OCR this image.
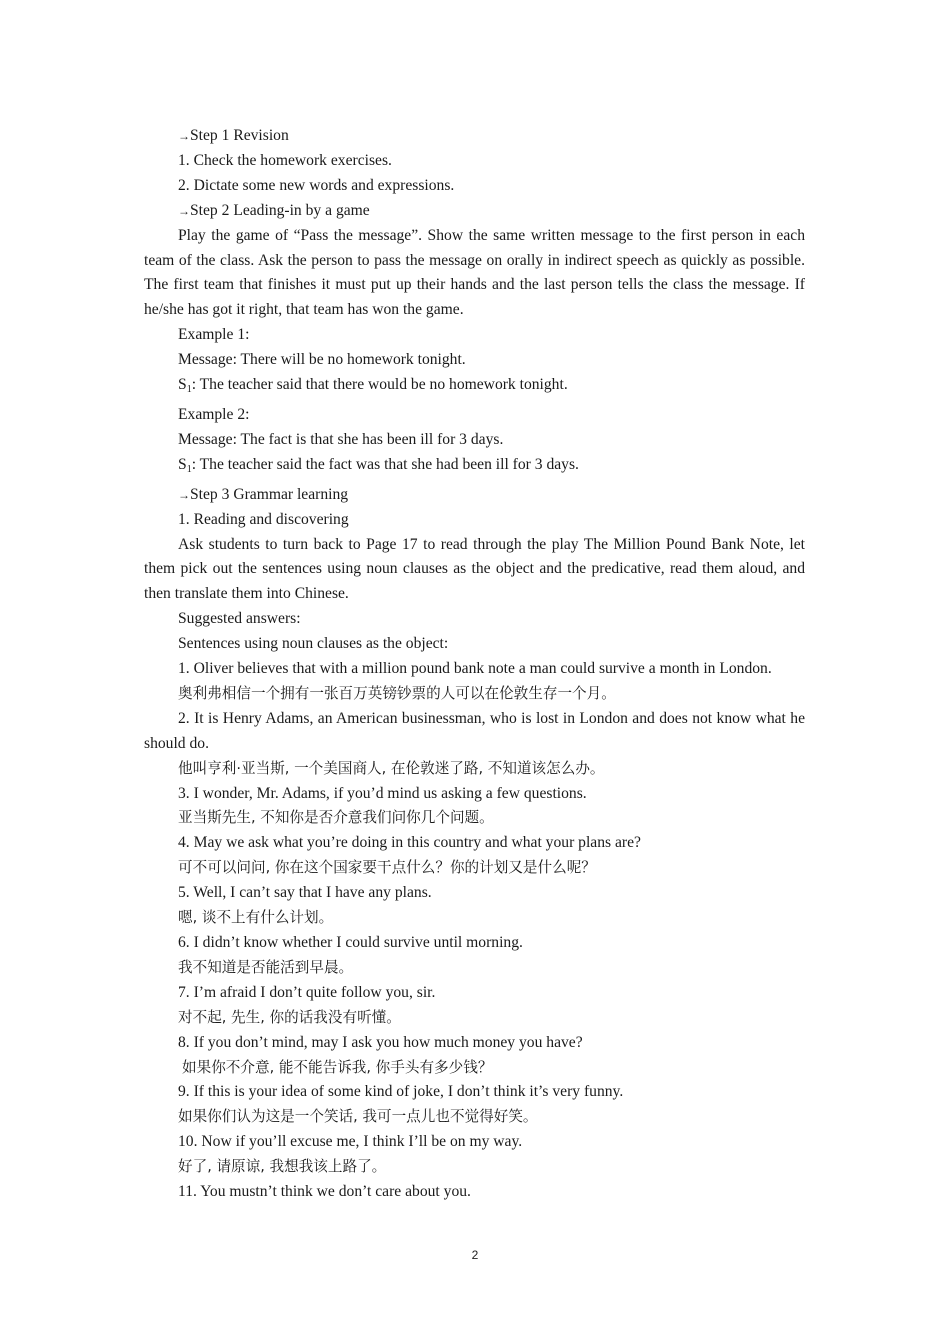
→Step 1 Revision

1. Check the homework exercises.

2. Dictate some new words and expressions.

→Step 2 Leading-in by a game

Play the game of “Pass the message”. Show the same written message to the first person in each team of the class. Ask the person to pass the message on orally in indirect speech as quickly as possible. The first team that finishes it must put up their hands and the last person tells the class the message. If he/she has got it right, that team has won the game.

Example 1:

Message: There will be no homework tonight.

$S_1$: The teacher said that there would be no homework tonight.

Example 2:

Message: The fact is that she has been ill for 3 days.

$S_1$: The teacher said the fact was that she had been ill for 3 days.

→Step 3 Grammar learning

1. Reading and discovering

Ask students to turn back to Page 17 to read through the play The Million Pound Bank Note, let them pick out the sentences using noun clauses as the object and the predicative, read them aloud, and then translate them into Chinese.

Suggested answers:

Sentences using noun clauses as the object:

1. Oliver believes that with a million pound bank note a man could survive a month in London.

奥利弗相信一个拥有一张百万英镑钞票的人可以在伦敦生存一个月。

2. It is Henry Adams, an American businessman, who is lost in London and does not know what he should do.

他叫亨利·亚当斯, 一个美国商人, 在伦敦迷了路, 不知道该怎么办。

3. I wonder, Mr. Adams, if you’d mind us asking a few questions.

亚当斯先生, 不知你是否介意我们问你几个问题。

4. May we ask what you’re doing in this country and what your plans are?

可不可以问问, 你在这个国家要干点什么？你的计划又是什么呢？

5. Well, I can’t say that I have any plans.

嗯, 谈不上有什么计划。

6. I didn’t know whether I could survive until morning.

我不知道是否能活到早晨。

7. I’m afraid I don’t quite follow you, sir.

对不起, 先生, 你的话我没有听懂。

8. If you don’t mind, may I ask you how much money you have?

如果你不介意, 能不能告诉我, 你手头有多少钱？

9. If this is your idea of some kind of joke, I don’t think it’s very funny.

如果你们认为这是一个笑话, 我可一点儿也不觉得好笑。

10. Now if you’ll excuse me, I think I’ll be on my way.

好了, 请原谅, 我想我该上路了。

11. You mustn’t think we don’t care about you.

2
